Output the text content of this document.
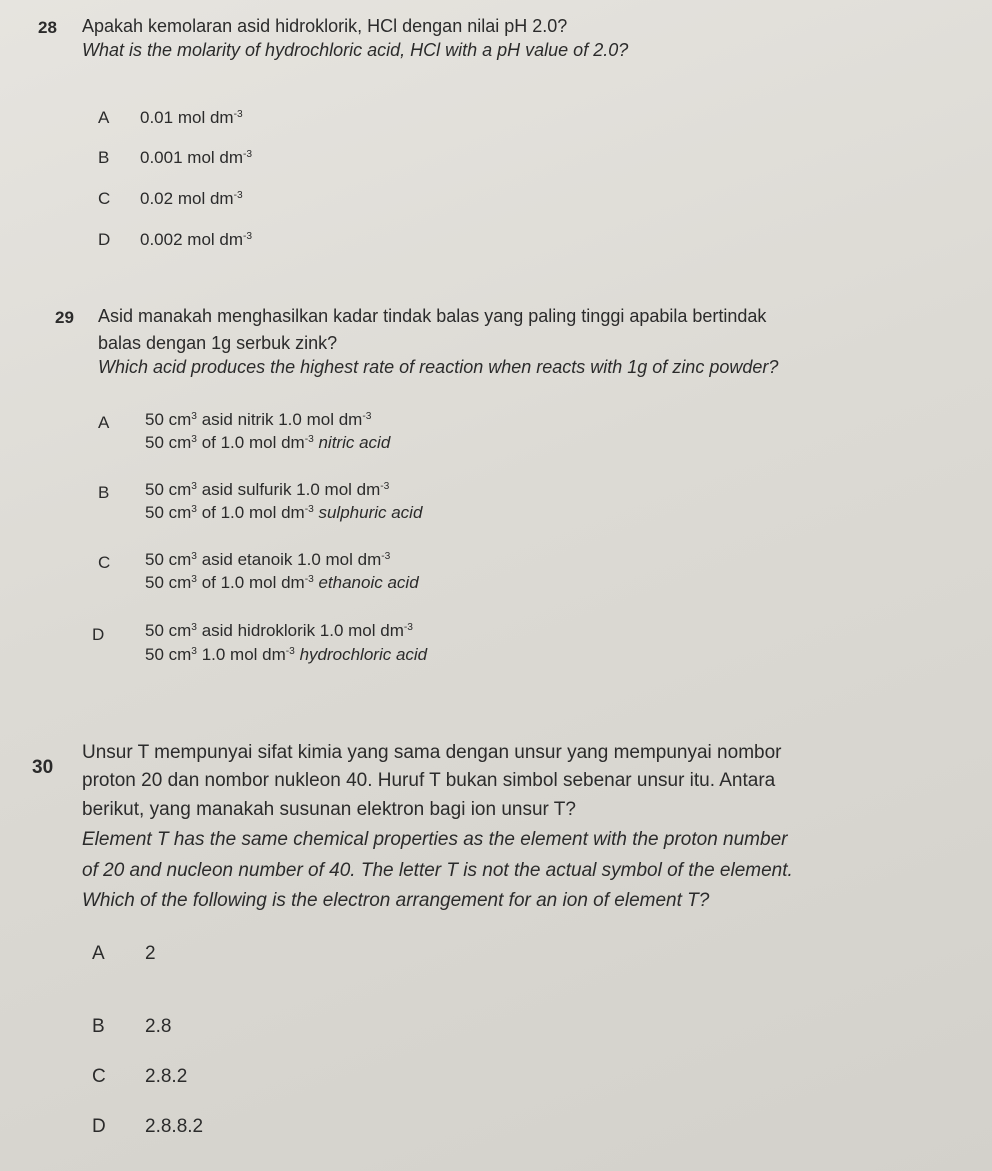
28 Apakah kemolaran asid hidroklorik, HCl dengan nilai pH 2.0?
What is the molarity of hydrochloric acid, HCl with a pH value of 2.0?
A 0.01 mol $dm^{-3}$
B 0.001 mol $dm^{-3}$
C 0.02 mol $dm^{-3}$
D 0.002 mol $dm^{-3}$
29 Asid manakah menghasilkan kadar tindak balas yang paling tinggi apabila bertindak
balas dengan 1g serbuk zink?
Which acid produces the highest rate of reaction when reacts with 1g of zinc powder?
A 50 $cm^3$ asid nitrik 1.0 mol $dm^{-3}$
50 $cm^3$ of 1.0 mol $dm^{-3}$ nitric acid
B 50 $cm^3$ asid sulfurik 1.0 mol $dm^{-3}$
50 $cm^3$ of 1.0 mol $dm^{-3}$ sulphuric acid
C 50 $cm^3$ asid etanoik 1.0 mol $dm^{-3}$
50 $cm^3$ of 1.0 mol $dm^{-3}$ ethanoic acid
D 50 $cm^3$ asid hidroklorik 1.0 mol $dm^{-3}$
50 $cm^3$ 1.0 mol $dm^{-3}$ hydrochloric acid
30
Unsur T mempunyai sifat kimia yang sama dengan unsur yang mempunyai nombor
proton 20 dan nombor nukleon 40. Huruf T bukan simbol sebenar unsur itu. Antara
berikut, yang manakah susunan elektron bagi ion unsur T?
Element T has the same chemical properties as the element with the proton number
of 20 and nucleon number of 40. The letter T is not the actual symbol of the element.
Which of the following is the electron arrangement for an ion of element T?
A 2
B 2.8
C 2.8.2
D 2.8.8.2
